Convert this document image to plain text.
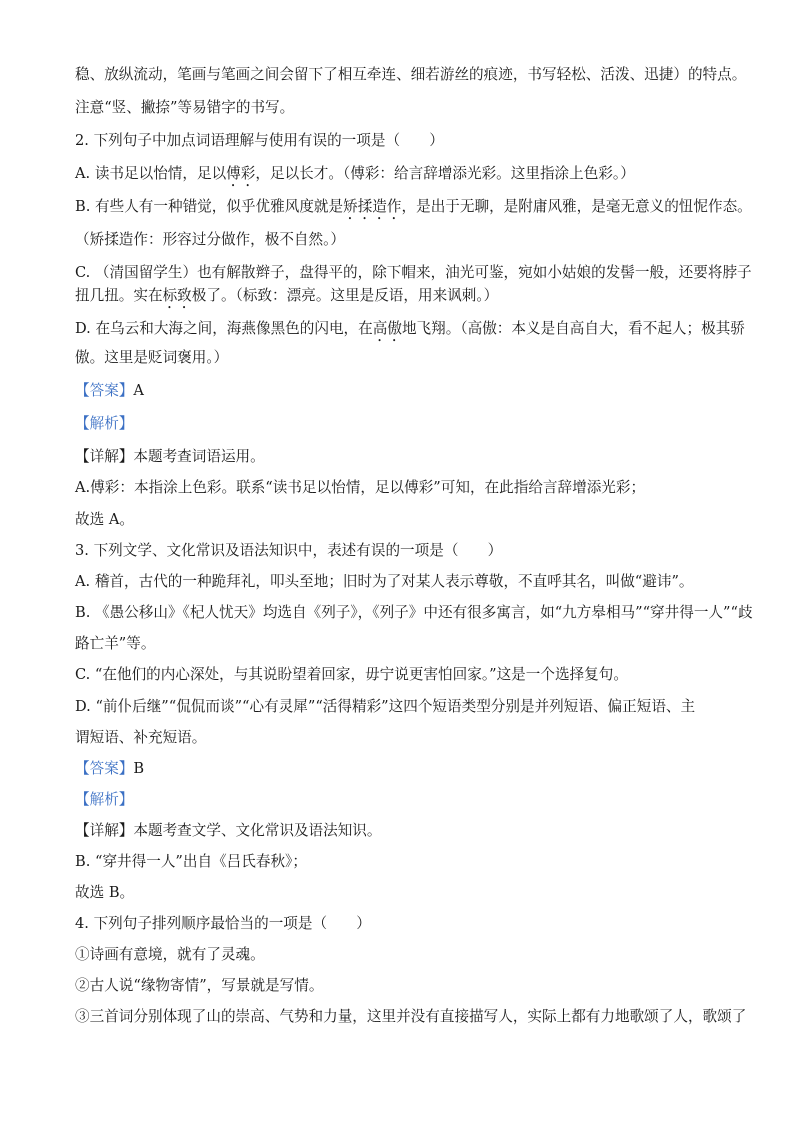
稳、放纵流动，笔画与笔画之间会留下了相互牵连、细若游丝的痕迹，书写轻松、活泼、迅捷）的特点。
注意“竖、撇捺”等易错字的书写。
2. 下列句子中加点词语理解与使用有误的一项是（　　）
A. 读书足以怡情，足以傅彩，足以长才。（傅彩：给言辞增添光彩。这里指涂上色彩。）
B. 有些人有一种错觉，似乎优雅风度就是矫揉造作，是出于无聊，是附庸风雅，是毫无意义的忸怩作态。
（矫揉造作：形容过分做作，极不自然。）
C. （清国留学生）也有解散辫子，盘得平的，除下帽来，油光可鉴，宛如小姑娘的发髻一般，还要将脖子
扭几扭。实在标致极了。（标致：漂亮。这里是反语，用来讽刺。）
D. 在乌云和大海之间，海燕像黑色的闪电，在高傲地飞翔。（高傲：本义是自高自大，看不起人；极其骄
傲。这里是贬词褒用。）
【答案】A
【解析】
【详解】本题考查词语运用。
A.傅彩：本指涂上色彩。联系“读书足以怡情，足以傅彩”可知，在此指给言辞增添光彩；
故选 A。
3. 下列文学、文化常识及语法知识中，表述有误的一项是（　　）
A. 稽首，古代的一种跪拜礼，叩头至地；旧时为了对某人表示尊敬，不直呼其名，叫做“避讳”。
B. 《愚公移山》《杞人忧天》均选自《列子》，《列子》中还有很多寓言，如“九方皋相马”“穿井得一人”“歧
路亡羊”等。
C. “在他们的内心深处，与其说盼望着回家，毋宁说更害怕回家。”这是一个选择复句。
D. “前仆后继”“侃侃而谈”“心有灵犀”“活得精彩”这四个短语类型分别是并列短语、偏正短语、主
谓短语、补充短语。
【答案】B
【解析】
【详解】本题考查文学、文化常识及语法知识。
B. “穿井得一人”出自《吕氏春秋》；
故选 B。
4. 下列句子排列顺序最恰当的一项是（　　）
①诗画有意境，就有了灵魂。
②古人说“缘物寄情”，写景就是写情。
③三首词分别体现了山的崇高、气势和力量，这里并没有直接描写人，实际上都有力地歌颂了人，歌颂了
